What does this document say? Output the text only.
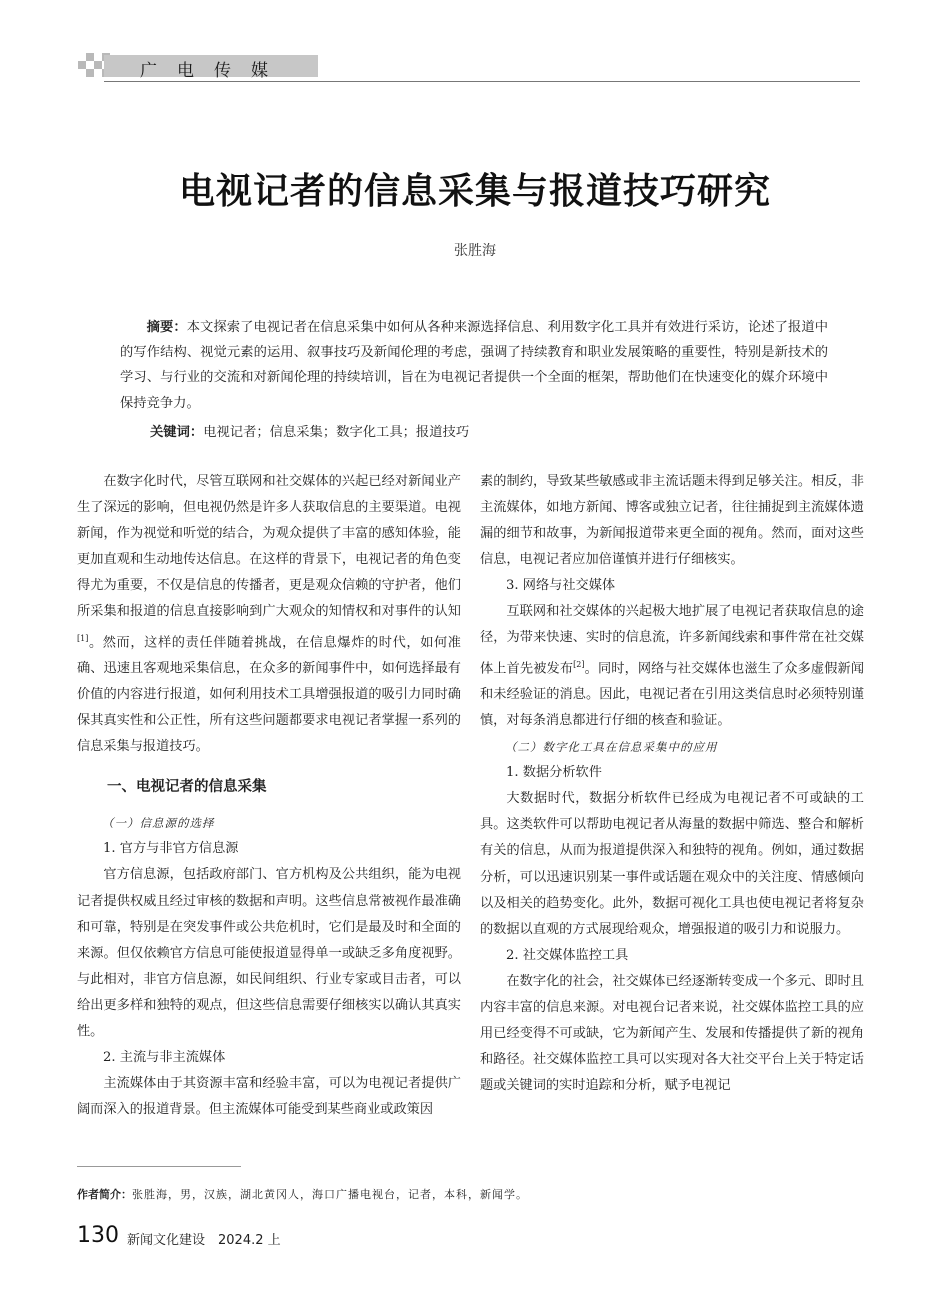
广电传媒
电视记者的信息采集与报道技巧研究
张胜海
摘要：本文探索了电视记者在信息采集中如何从各种来源选择信息、利用数字化工具并有效进行采访，论述了报道中的写作结构、视觉元素的运用、叙事技巧及新闻伦理的考虑，强调了持续教育和职业发展策略的重要性，特别是新技术的学习、与行业的交流和对新闻伦理的持续培训，旨在为电视记者提供一个全面的框架，帮助他们在快速变化的媒介环境中保持竞争力。
关键词：电视记者；信息采集；数字化工具；报道技巧

在数字化时代，尽管互联网和社交媒体的兴起已经对新闻业产生了深远的影响，但电视仍然是许多人获取信息的主要渠道。电视新闻，作为视觉和听觉的结合，为观众提供了丰富的感知体验，能更加直观和生动地传达信息。在这样的背景下，电视记者的角色变得尤为重要，不仅是信息的传播者，更是观众信赖的守护者，他们所采集和报道的信息直接影响到广大观众的知情权和对事件的认知[1]。然而，这样的责任伴随着挑战，在信息爆炸的时代，如何准确、迅速且客观地采集信息，在众多的新闻事件中，如何选择最有价值的内容进行报道，如何利用技术工具增强报道的吸引力同时确保其真实性和公正性，所有这些问题都要求电视记者掌握一系列的信息采集与报道技巧。

一、电视记者的信息采集
（一）信息源的选择
1. 官方与非官方信息源

官方信息源，包括政府部门、官方机构及公共组织，能为电视记者提供权威且经过审核的数据和声明。这些信息常被视作最准确和可靠，特别是在突发事件或公共危机时，它们是最及时和全面的来源。但仅依赖官方信息可能使报道显得单一或缺乏多角度视野。与此相对，非官方信息源，如民间组织、行业专家或目击者，可以给出更多样和独特的观点，但这些信息需要仔细核实以确认其真实性。

2. 主流与非主流媒体

主流媒体由于其资源丰富和经验丰富，可以为电视记者提供广阔而深入的报道背景。但主流媒体可能受到某些商业或政策因

素的制约，导致某些敏感或非主流话题未得到足够关注。相反，非主流媒体，如地方新闻、博客或独立记者，往往捕捉到主流媒体遗漏的细节和故事，为新闻报道带来更全面的视角。然而，面对这些信息，电视记者应加倍谨慎并进行仔细核实。

3. 网络与社交媒体

互联网和社交媒体的兴起极大地扩展了电视记者获取信息的途径，为带来快速、实时的信息流，许多新闻线索和事件常在社交媒体上首先被发布[2]。同时，网络与社交媒体也滋生了众多虚假新闻和未经验证的消息。因此，电视记者在引用这类信息时必须特别谨慎，对每条消息都进行仔细的核查和验证。

（二）数字化工具在信息采集中的应用
1. 数据分析软件

大数据时代，数据分析软件已经成为电视记者不可或缺的工具。这类软件可以帮助电视记者从海量的数据中筛选、整合和解析有关的信息，从而为报道提供深入和独特的视角。例如，通过数据分析，可以迅速识别某一事件或话题在观众中的关注度、情感倾向以及相关的趋势变化。此外，数据可视化工具也使电视记者将复杂的数据以直观的方式展现给观众，增强报道的吸引力和说服力。

2. 社交媒体监控工具

在数字化的社会，社交媒体已经逐渐转变成一个多元、即时且内容丰富的信息来源。对电视台记者来说，社交媒体监控工具的应用已经变得不可或缺，它为新闻产生、发展和传播提供了新的视角和路径。社交媒体监控工具可以实现对各大社交平台上关于特定话题或关键词的实时追踪和分析，赋予电视记

作者简介：张胜海，男，汉族，湖北黄冈人，海口广播电视台，记者，本科，新闻学。
130 新闻文化建设　2024.2 上
